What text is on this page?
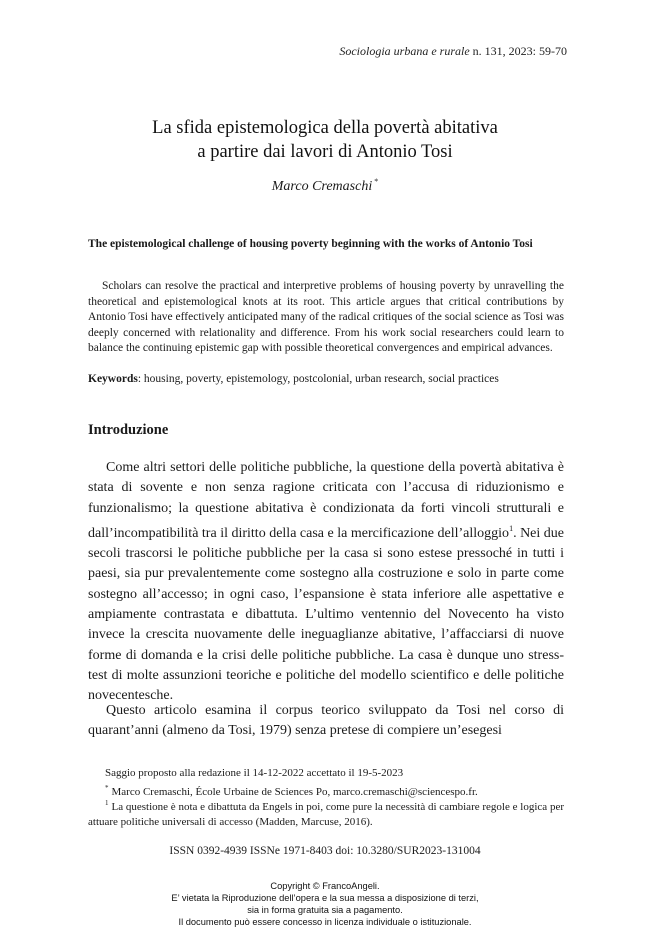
Sociologia urbana e rurale n. 131, 2023: 59-70
La sfida epistemologica della povertà abitativa
a partire dai lavori di Antonio Tosi
Marco Cremaschi *
The epistemological challenge of housing poverty beginning with the works of Antonio Tosi
Scholars can resolve the practical and interpretive problems of housing poverty by unravelling the theoretical and epistemological knots at its root. This article argues that critical contributions by Antonio Tosi have effectively anticipated many of the radical critiques of the social science as Tosi was deeply concerned with relationality and difference. From his work social researchers could learn to balance the continuing epistemic gap with possible theoretical convergences and empirical advances.
Keywords: housing, poverty, epistemology, postcolonial, urban research, social practices
Introduzione
Come altri settori delle politiche pubbliche, la questione della povertà abitativa è stata di sovente e non senza ragione criticata con l’accusa di riduzionismo e funzionalismo; la questione abitativa è condizionata da forti vincoli strutturali e dall’incompatibilità tra il diritto della casa e la mercificazione dell’alloggio$^1$. Nei due secoli trascorsi le politiche pubbliche per la casa si sono estese pressoché in tutti i paesi, sia pur prevalentemente come sostegno alla costruzione e solo in parte come sostegno all’accesso; in ogni caso, l’espansione è stata inferiore alle aspettative e ampiamente contrastata e dibattuta. L’ultimo ventennio del Novecento ha visto invece la crescita nuovamente delle ineguaglianze abitative, l’affacciarsi di nuove forme di domanda e la crisi delle politiche pubbliche. La casa è dunque uno stress-test di molte assunzioni teoriche e politiche del modello scientifico e delle politiche novecentesche.
Questo articolo esamina il corpus teorico sviluppato da Tosi nel corso di quarant’anni (almeno da Tosi, 1979) senza pretese di compiere un’esegesi
Saggio proposto alla redazione il 14-12-2022 accettato il 19-5-2023
* Marco Cremaschi, École Urbaine de Sciences Po, marco.cremaschi@sciencespo.fr.
$^1$ La questione è nota e dibattuta da Engels in poi, come pure la necessità di cambiare regole e logica per attuare politiche universali di accesso (Madden, Marcuse, 2016).
ISSN 0392-4939 ISSNe 1971-8403 doi: 10.3280/SUR2023-131004
Copyright © FrancoAngeli.
E’ vietata la Riproduzione dell’opera e la sua messa a disposizione di terzi,
sia in forma gratuita sia a pagamento.
Il documento può essere concesso in licenza individuale o istituzionale.
